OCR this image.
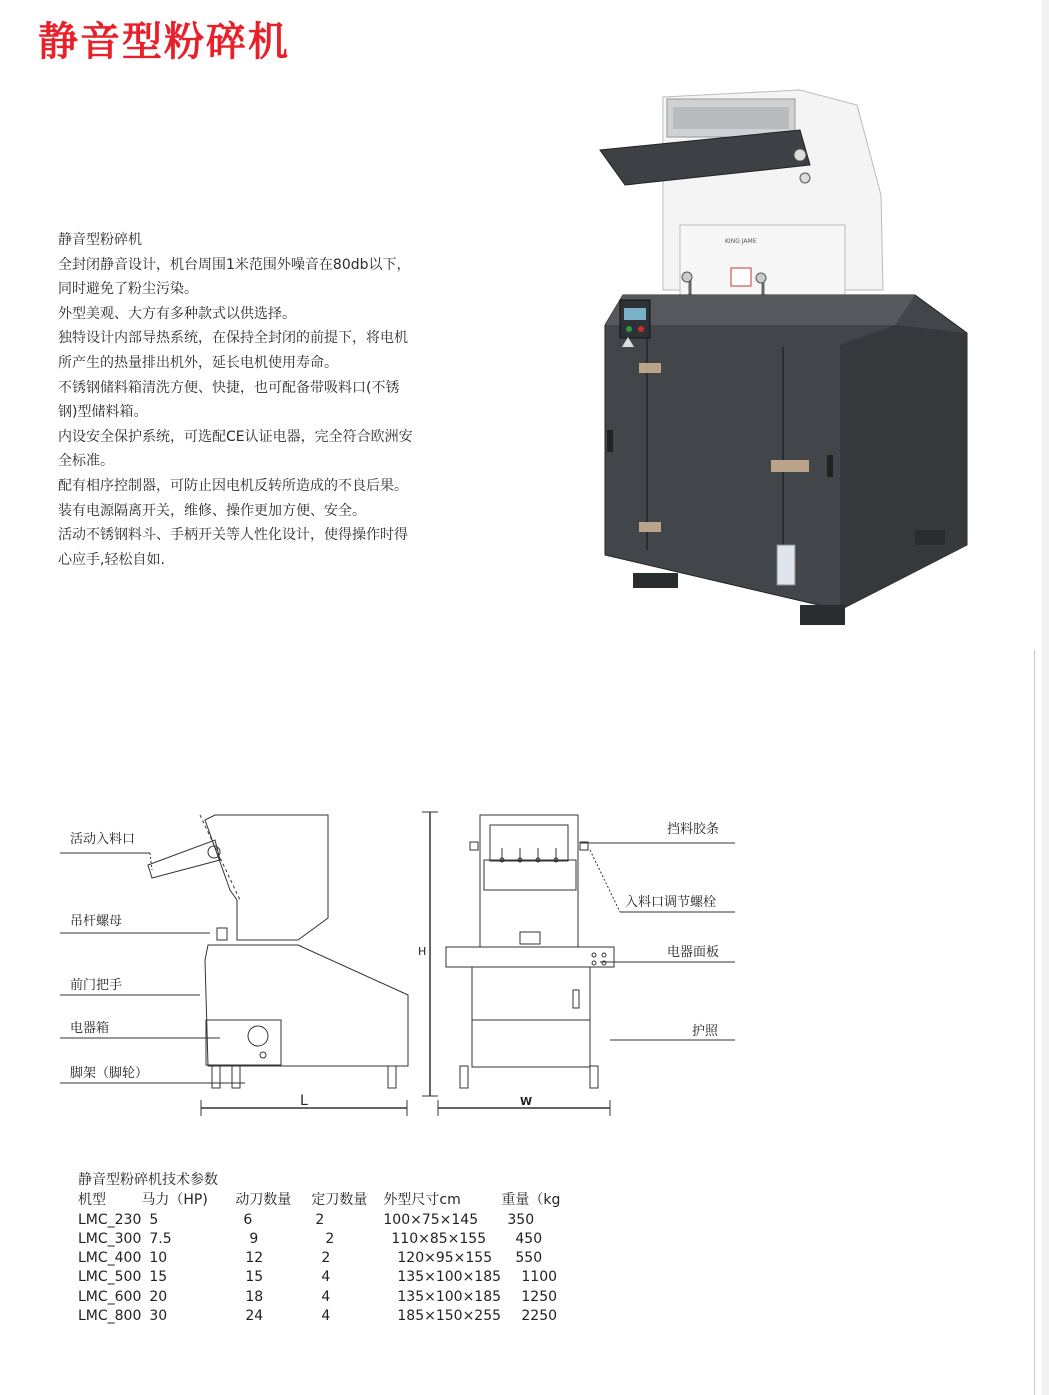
静音型粉碎机

静音型粉碎机

全封闭静音设计，机台周围1米范围外噪音在80db以下，

同时避免了粉尘污染。

外型美观、大方有多种款式以供选择。

独特设计内部导热系统，在保持全封闭的前提下，将电机

所产生的热量排出机外，延长电机使用寿命。

不锈钢储料箱清洗方便、快捷，也可配备带吸料口(不锈

钢)型储料箱。

内设安全保护系统，可选配CE认证电器，完全符合欧洲安

全标准。

配有相序控制器，可防止因电机反转所造成的不良后果。

装有电源隔离开关，维修、操作更加方便、安全。

活动不锈钢料斗、手柄开关等人性化设计，使得操作时得

心应手,轻松自如.

KING JAME
活动入料口
吊杆螺母
前门把手
电器箱
脚架（脚轮）
挡料胶条
入料口调节螺栓
电器面板
护照
L	W
H

静音型粉碎机技术参数

机型	马力（HP)	动刀数量	定刀数量	外型尺寸cm	重量（kg
LMC_230	5	6	2	100×75×145	350
LMC_300	7.5	9	2	110×85×155	450
LMC_400	10	12	2	120×95×155	550
LMC_500	15	15	4	135×100×185	1100
LMC_600	20	18	4	135×100×185	1250
LMC_800	30	24	4	185×150×255	2250
